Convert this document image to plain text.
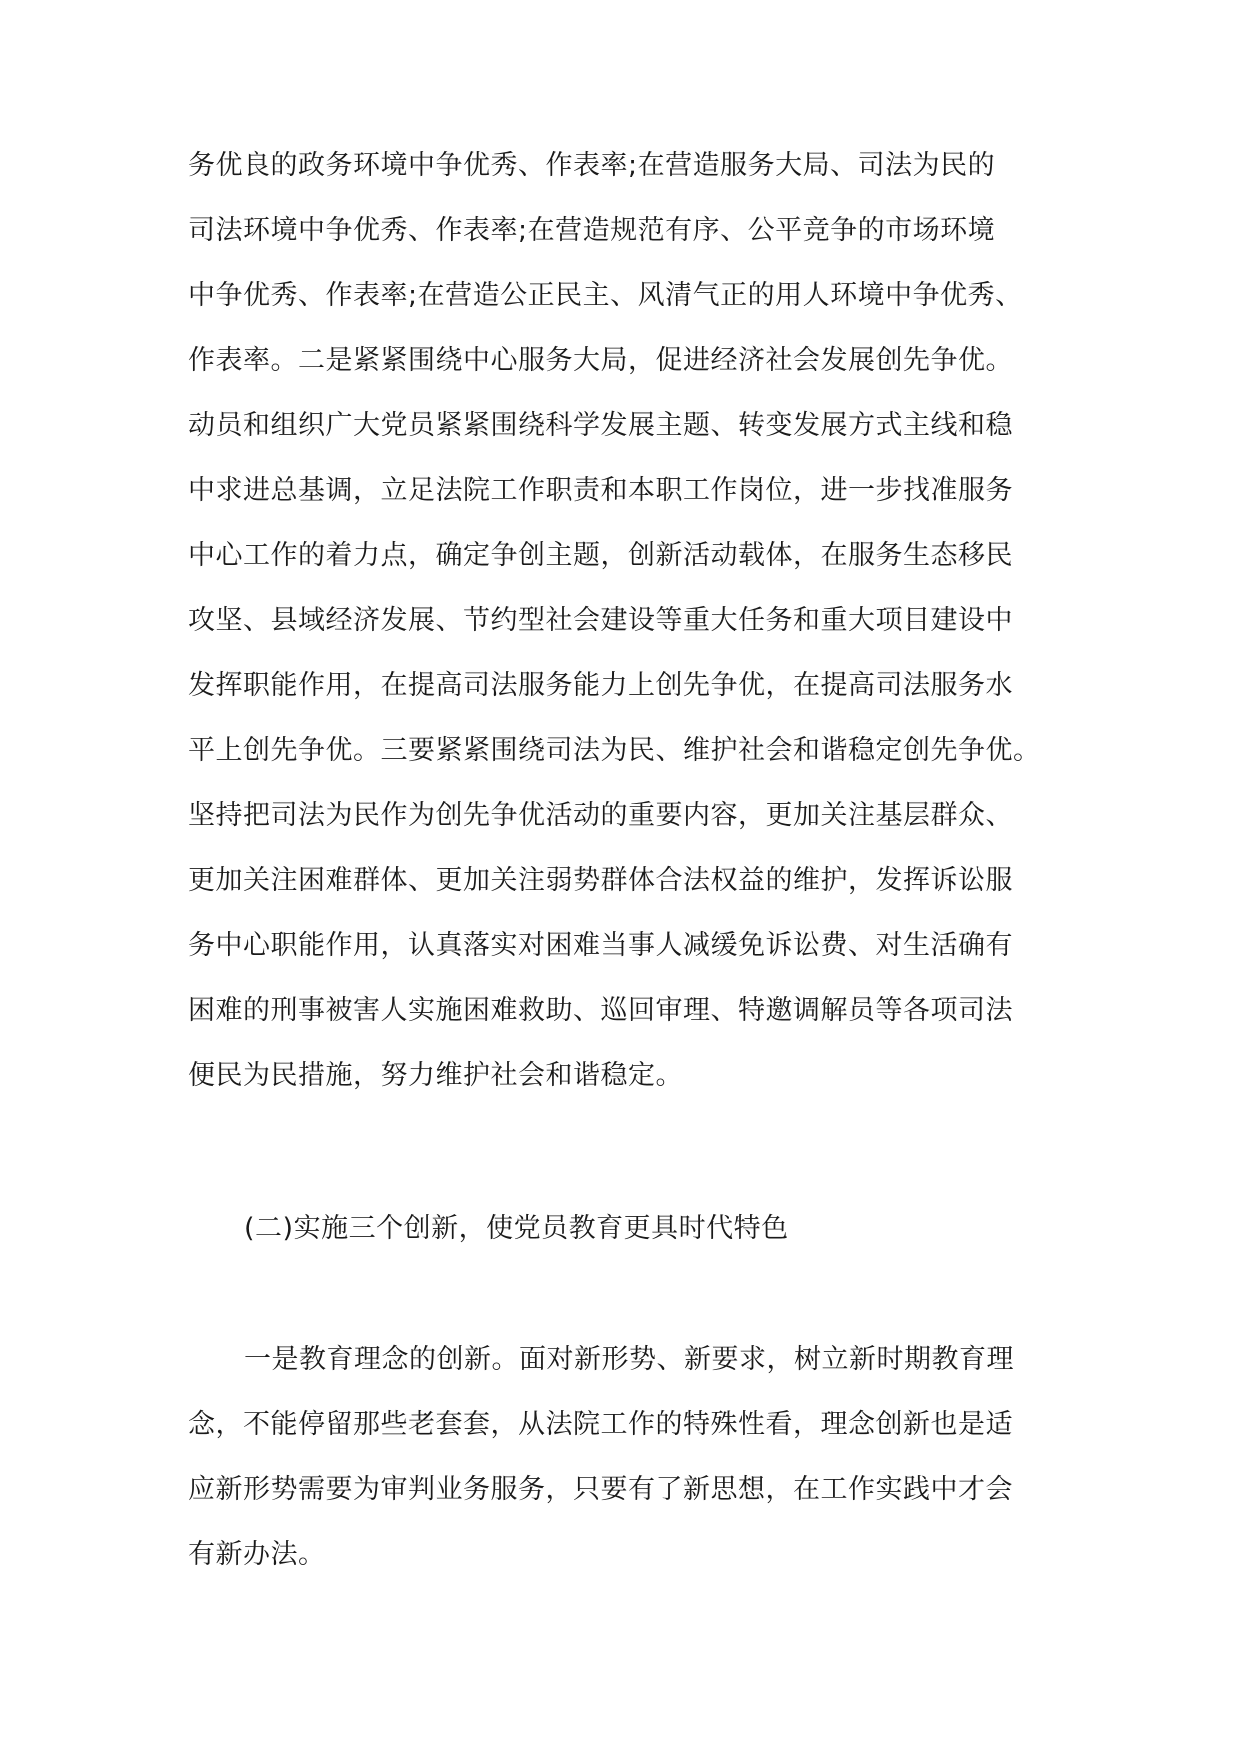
务优良的政务环境中争优秀、作表率;在营造服务大局、司法为民的
司法环境中争优秀、作表率;在营造规范有序、公平竞争的市场环境
中争优秀、作表率;在营造公正民主、风清气正的用人环境中争优秀、
作表率。二是紧紧围绕中心服务大局，促进经济社会发展创先争优。
动员和组织广大党员紧紧围绕科学发展主题、转变发展方式主线和稳
中求进总基调，立足法院工作职责和本职工作岗位，进一步找准服务
中心工作的着力点，确定争创主题，创新活动载体，在服务生态移民
攻坚、县域经济发展、节约型社会建设等重大任务和重大项目建设中
发挥职能作用，在提高司法服务能力上创先争优，在提高司法服务水
平上创先争优。三要紧紧围绕司法为民、维护社会和谐稳定创先争优。
坚持把司法为民作为创先争优活动的重要内容，更加关注基层群众、
更加关注困难群体、更加关注弱势群体合法权益的维护，发挥诉讼服
务中心职能作用，认真落实对困难当事人减缓免诉讼费、对生活确有
困难的刑事被害人实施困难救助、巡回审理、特邀调解员等各项司法
便民为民措施，努力维护社会和谐稳定。
(二)实施三个创新，使党员教育更具时代特色
一是教育理念的创新。面对新形势、新要求，树立新时期教育理
念，不能停留那些老套套，从法院工作的特殊性看，理念创新也是适
应新形势需要为审判业务服务，只要有了新思想，在工作实践中才会
有新办法。
